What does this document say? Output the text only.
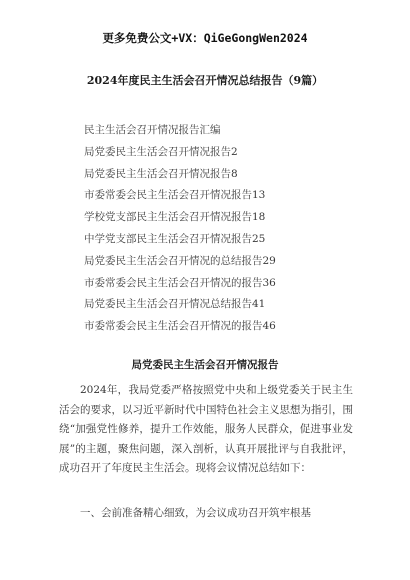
更多免费公文+VX：QiGeGongWen2024
2024年度民主生活会召开情况总结报告（9篇）
民主生活会召开情况报告汇编
局党委民主生活会召开情况报告2
局党委民主生活会召开情况报告8
市委常委会民主生活会召开情况报告13
学校党支部民主生活会召开情况报告18
中学党支部民主生活会召开情况报告25
局党委民主生活会召开情况的总结报告29
市委常委会民主生活会召开情况的报告36
局党委民主生活会召开情况总结报告41
市委常委会民主生活会召开情况的报告46
局党委民主生活会召开情况报告

2024年，我局党委严格按照党中央和上级党委关于民主生活会的要求，以习近平新时代中国特色社会主义思想为指引，围绕“加强党性修养，提升工作效能，服务人民群众，促进事业发展”的主题，聚焦问题，深入剖析，认真开展批评与自我批评，成功召开了年度民主生活会。现将会议情况总结如下：

一、会前准备精心细致，为会议成功召开筑牢根基
